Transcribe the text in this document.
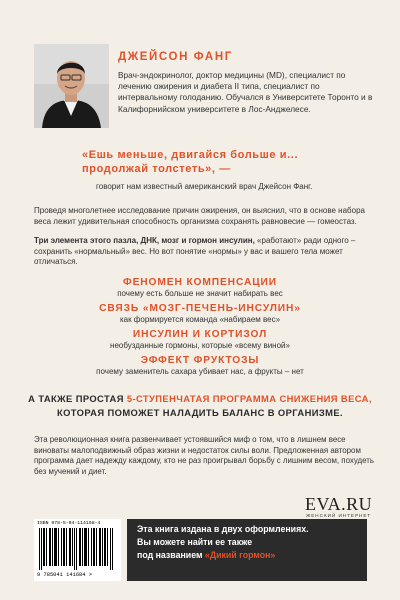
ДЖЕЙСОН ФАНГ
Врач-эндокринолог, доктор медицины (MD), специалист по лечению ожирения и диабета II типа, специалист по интервальному голоданию. Обучался в Университете Торонто и в Калифорнийском университете в Лос-Анджелесе.
«Ешь меньше, двигайся больше и... продолжай толстеть», —
говорит нам известный американский врач Джейсон Фанг.
Проведя многолетнее исследование причин ожирения, он выяснил, что в основе набора веса лежит удивительная способность организма сохранять равновесие — гомеостаз.
Три элемента этого пазла, ДНК, мозг и гормон инсулин, «работают» ради одного – сохранить «нормальный» вес. Но вот понятие «нормы» у вас и вашего тела может отличаться.
ФЕНОМЕН КОМПЕНСАЦИИ
почему есть больше не значит набирать вес
СВЯЗЬ «МОЗГ-ПЕЧЕНЬ-ИНСУЛИН»
как формируется команда «набираем вес»
ИНСУЛИН И КОРТИЗОЛ
необузданные гормоны, которые «всему виной»
ЭФФЕКТ ФРУКТОЗЫ
почему заменитель сахара убивает нас, а фрукты – нет
А ТАКЖЕ ПРОСТАЯ 5-СТУПЕНЧАТАЯ ПРОГРАММА СНИЖЕНИЯ ВЕСА,
КОТОРАЯ ПОМОЖЕТ НАЛАДИТЬ БАЛАНС В ОРГАНИЗМЕ.
Эта революционная книга развенчивает устоявшийся миф о том, что в лишнем весе виноваты малоподвижный образ жизни и недостаток силы воли. Предложенная автором программа дает надежду каждому, кто не раз проигрывал борьбу с лишним весом, похудеть без мучений и диет.
EVA.RU
ЖЕНСКИЙ ИНТЕРНЕТ
ISBN 978-5-04-114168-4
9 785041 141684 >
Эта книга издана в двух оформлениях.
Вы можете найти ее также
под названием «Дикий гормон»
